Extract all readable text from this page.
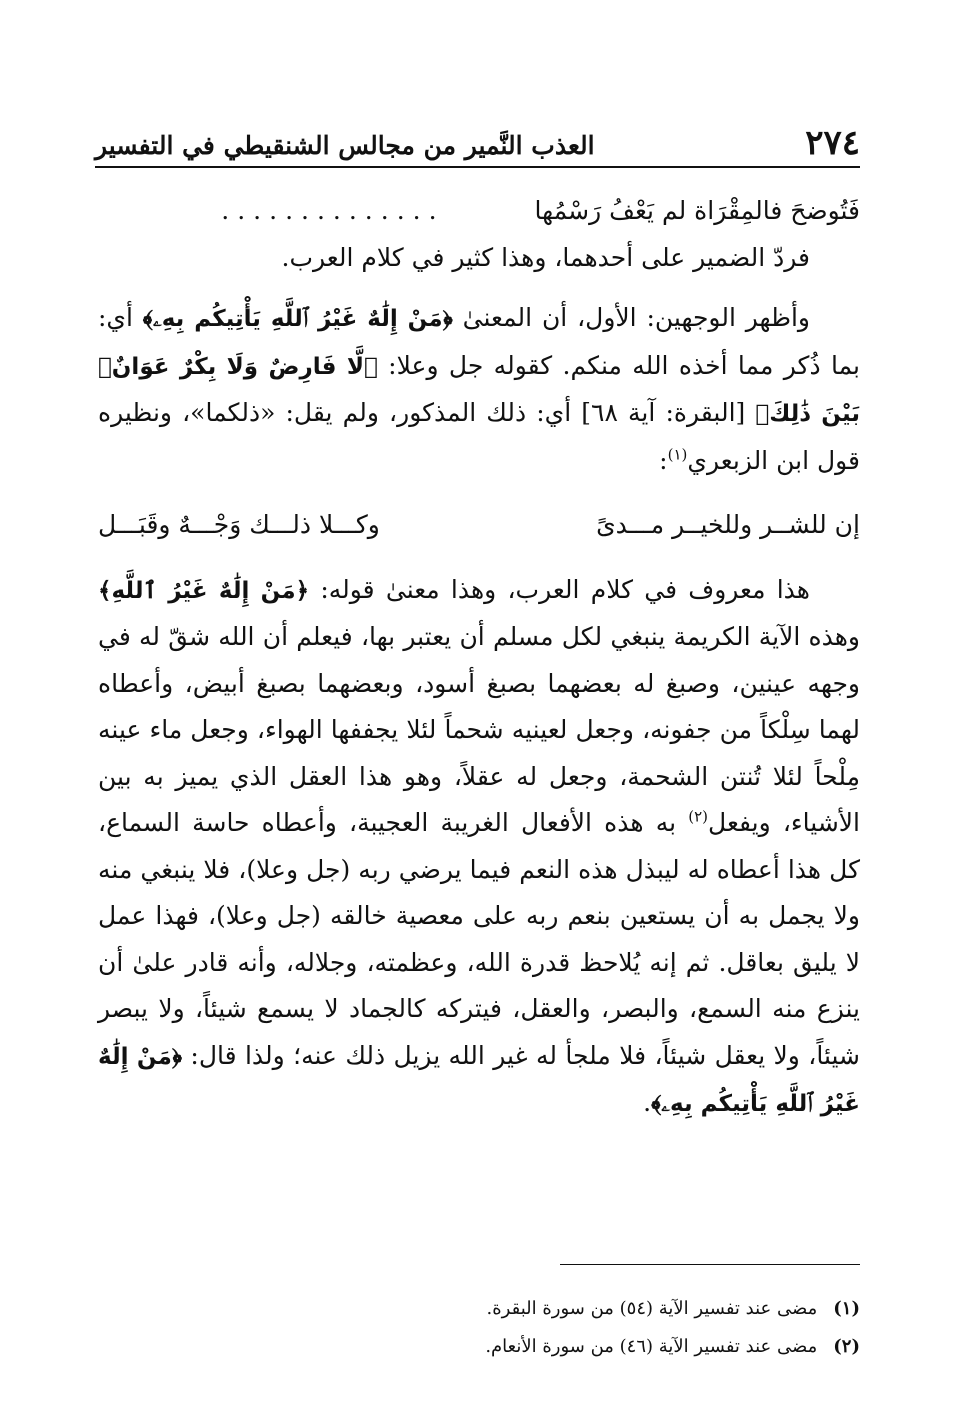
٢٧٤
العذب النَّمير من مجالس الشنقيطي في التفسير
فَتُوضحَ فالمِقْرَاة لم يَعْفُ رَسْمُها
..............

فردّ الضمير على أحدهما، وهذا كثير في كلام العرب.

وأظهر الوجهين: الأول، أن المعنىٰ ﴿مَنْ إِلَٰهٌ غَيْرُ ٱللَّهِ يَأْتِيكُم بِهِۦ﴾ أي: بما ذُكر مما أخذه الله منكم. كقوله جل وعلا: ﴿لَّا فَارِضٌ وَلَا بِكْرٌ عَوَانٌۢ بَيْنَ ذَٰلِكَ﴾ [البقرة: آية ٦٨] أي: ذلك المذكور، ولم يقل: «ذلكما»، ونظيره قول ابن الزبعري$^{(١)}$:

إن للشــر وللخيــر مـــدىً
وكـــلا ذلـــك وَجْـــهٌ وقَبَـــل

هذا معروف في كلام العرب، وهذا معنىٰ قوله: ﴿مَنْ إِلَٰهٌ غَيْرُ ٱللَّهِ﴾ وهذه الآية الكريمة ينبغي لكل مسلم أن يعتبر بها، فيعلم أن الله شقّ له في وجهه عينين، وصبغ له بعضهما بصبغ أسود، وبعضهما بصبغ أبيض، وأعطاه لهما سِلْكاً من جفونه، وجعل لعينيه شحماً لئلا يجففها الهواء، وجعل ماء عينه مِلْحاً لئلا تُنتن الشحمة، وجعل له عقلاً، وهو هذا العقل الذي يميز به بين الأشياء، ويفعل$^{(٢)}$ به هذه الأفعال الغريبة العجيبة، وأعطاه حاسة السماع، كل هذا أعطاه له ليبذل هذه النعم فيما يرضي ربه (جل وعلا)، فلا ينبغي منه ولا يجمل به أن يستعين بنعم ربه على معصية خالقه (جل وعلا)، فهذا عمل لا يليق بعاقل. ثم إنه يُلاحظ قدرة الله، وعظمته، وجلاله، وأنه قادر علىٰ أن ينزع منه السمع، والبصر، والعقل، فيتركه كالجماد لا يسمع شيئاً، ولا يبصر شيئاً، ولا يعقل شيئاً، فلا ملجأ له غير الله يزيل ذلك عنه؛ ولذا قال: ﴿مَنْ إِلَٰهٌ غَيْرُ ٱللَّهِ يَأْتِيكُم بِهِۦ﴾.

(١)
مضى عند تفسير الآية (٥٤) من سورة البقرة.
(٢)
مضى عند تفسير الآية (٤٦) من سورة الأنعام.
